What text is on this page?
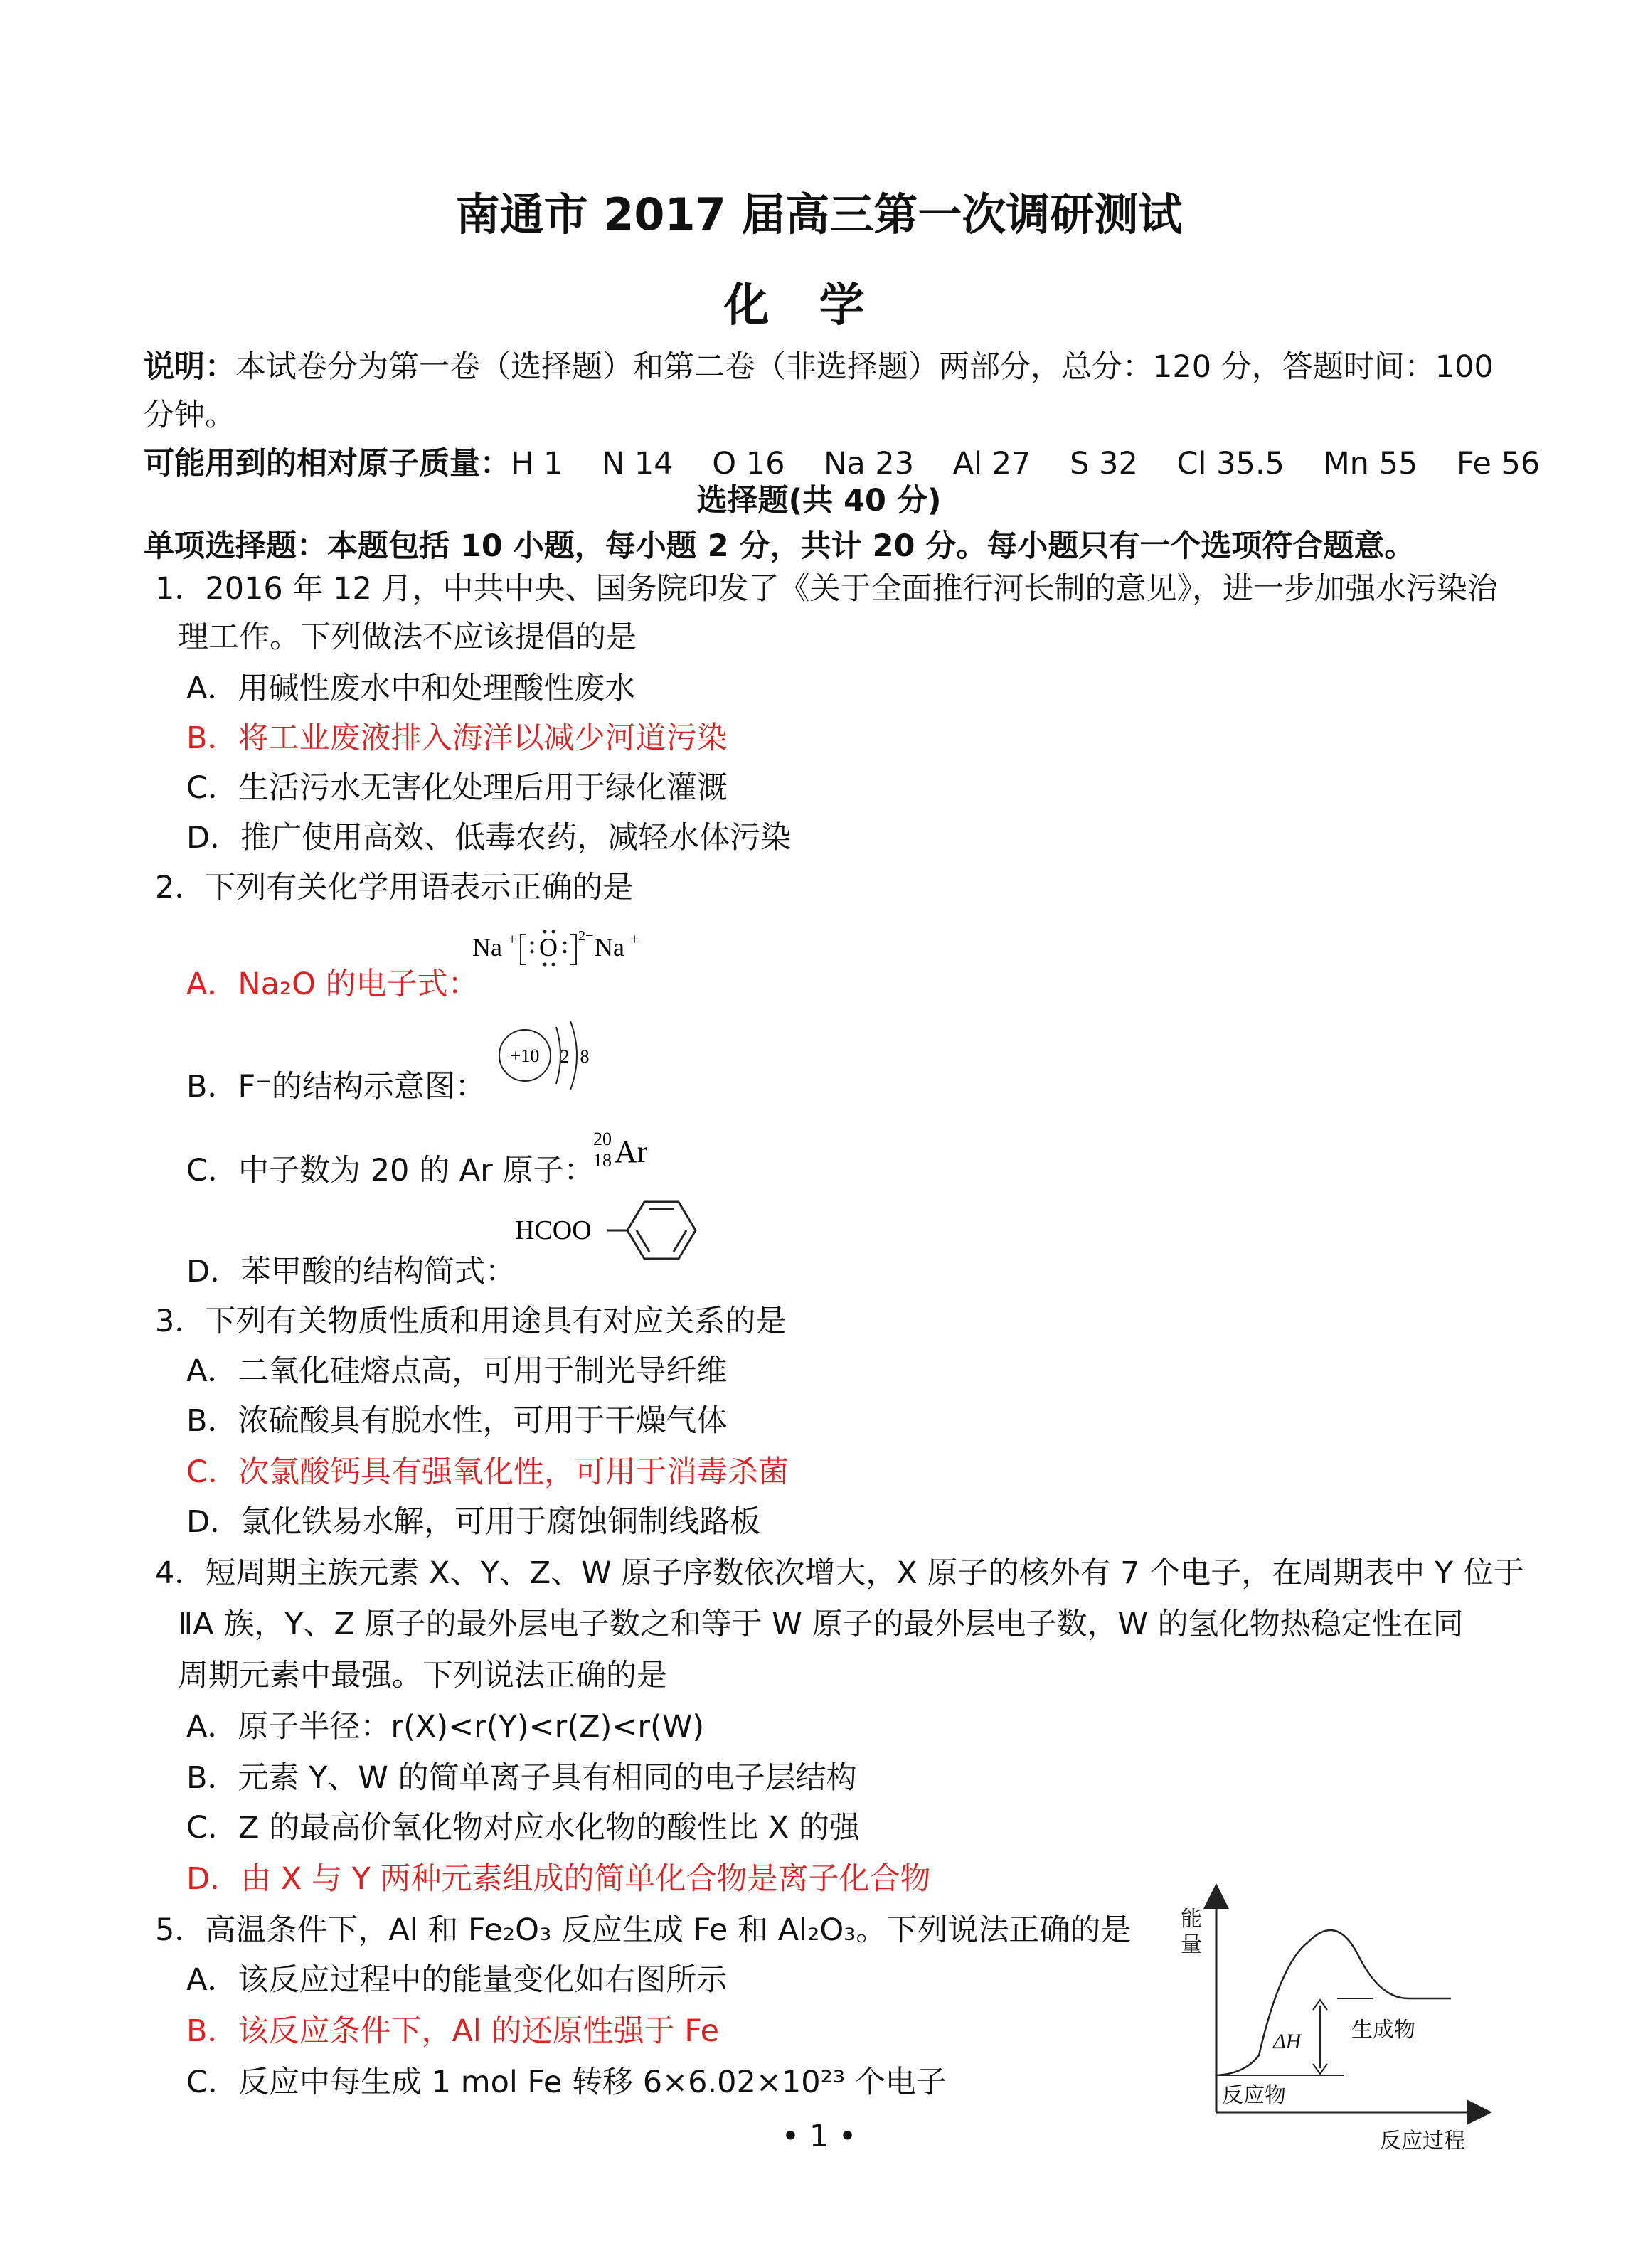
南通市 2017 届高三第一次调研测试
化学
说明：本试卷分为第一卷（选择题）和第二卷（非选择题）两部分，总分：120 分，答题时间：100
分钟。
可能用到的相对原子质量：H 1    N 14    O 16    Na 23    Al 27    S 32    Cl 35.5    Mn 55    Fe 56
选择题(共 40 分)
单项选择题：本题包括 10 小题，每小题 2 分，共计 20 分。每小题只有一个选项符合题意。
1．2016 年 12 月，中共中央、国务院印发了《关于全面推行河长制的意见》，进一步加强水污染治
理工作。下列做法不应该提倡的是
A．用碱性废水中和处理酸性废水
B．将工业废液排入海洋以减少河道污染
C．生活污水无害化处理后用于绿化灌溉
D．推广使用高效、低毒农药，减轻水体污染
2．下列有关化学用语表示正确的是
A．Na₂O 的电子式：
Na + O 2− Na +
B．F⁻的结构示意图：
+10 2 8
C．中子数为 20 的 Ar 原子：
20
18 Ar
D．苯甲酸的结构简式：
HCOO
3．下列有关物质性质和用途具有对应关系的是
A．二氧化硅熔点高，可用于制光导纤维
B．浓硫酸具有脱水性，可用于干燥气体
C．次氯酸钙具有强氧化性，可用于消毒杀菌
D．氯化铁易水解，可用于腐蚀铜制线路板
4．短周期主族元素 X、Y、Z、W 原子序数依次增大，X 原子的核外有 7 个电子，在周期表中 Y 位于
ⅡA 族，Y、Z 原子的最外层电子数之和等于 W 原子的最外层电子数，W 的氢化物热稳定性在同
周期元素中最强。下列说法正确的是
A．原子半径：r(X)<r(Y)<r(Z)<r(W)
B．元素 Y、W 的简单离子具有相同的电子层结构
C．Z 的最高价氧化物对应水化物的酸性比 X 的强
D．由 X 与 Y 两种元素组成的简单化合物是离子化合物
5．高温条件下，Al 和 Fe₂O₃ 反应生成 Fe 和 Al₂O₃。下列说法正确的是
A．该反应过程中的能量变化如右图所示
B．该反应条件下，Al 的还原性强于 Fe
C．反应中每生成 1 mol Fe 转移 6×6.02×10²³ 个电子
能
量
ΔH 生成物
反应物
反应过程
• 1 •
